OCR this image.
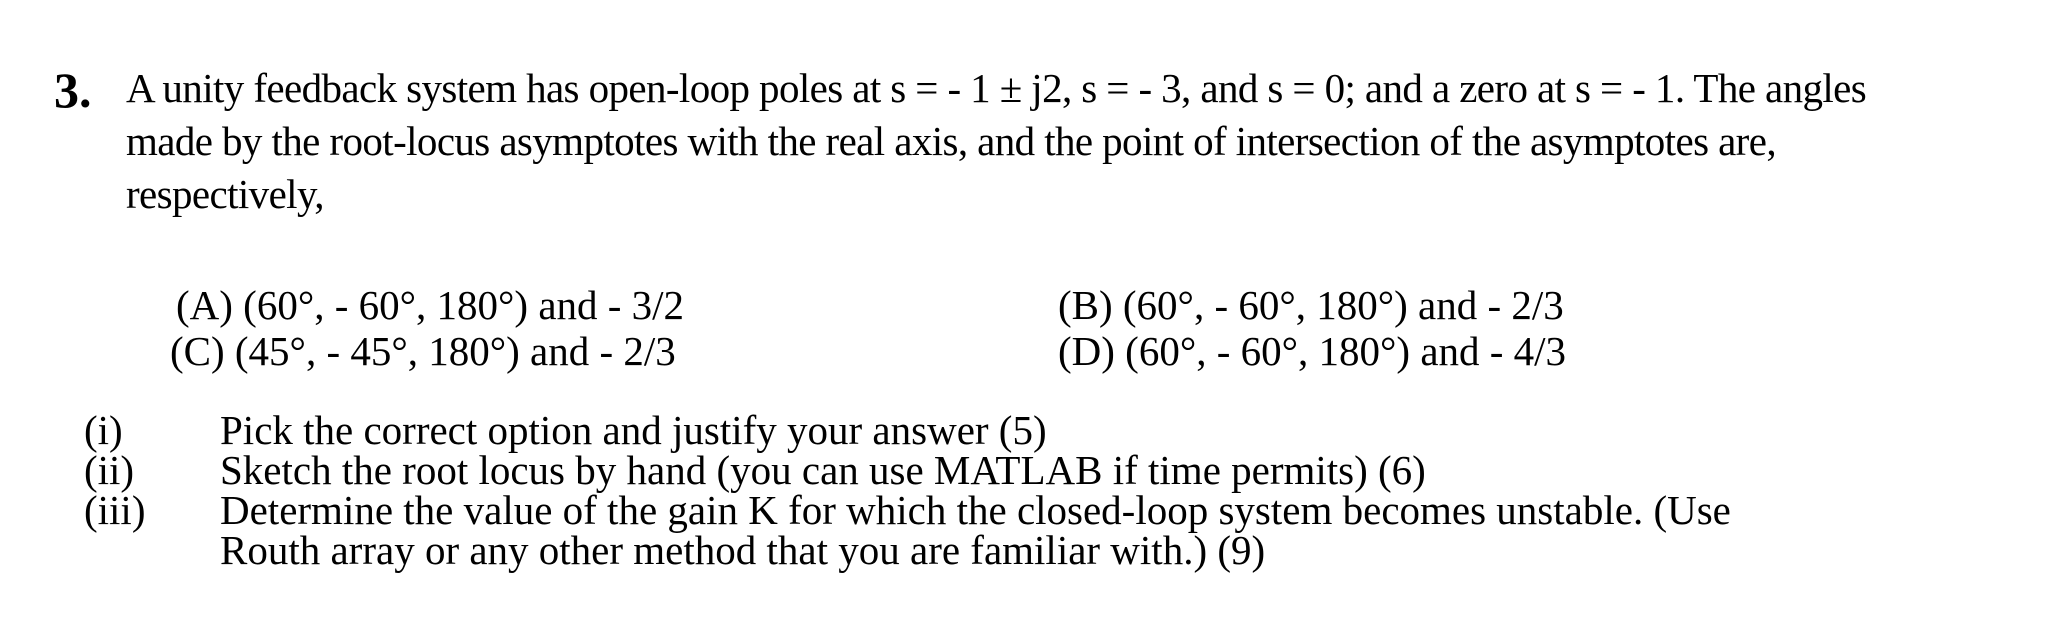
3. A unity feedback system has open-loop poles at s = - 1 ± j2, s = - 3, and s = 0; and a zero at s = - 1. The angles
made by the root-locus asymptotes with the real axis, and the point of intersection of the asymptotes are,
respectively,
(A) (60°, - 60°, 180°) and - 3/2	(B) (60°, - 60°, 180°) and - 2/3
(C) (45°, - 45°, 180°) and - 2/3	(D) (60°, - 60°, 180°) and - 4/3
(i) Pick the correct option and justify your answer (5)
(ii) Sketch the root locus by hand (you can use MATLAB if time permits) (6)
(iii) Determine the value of the gain K for which the closed-loop system becomes unstable. (Use
Routh array or any other method that you are familiar with.) (9)
